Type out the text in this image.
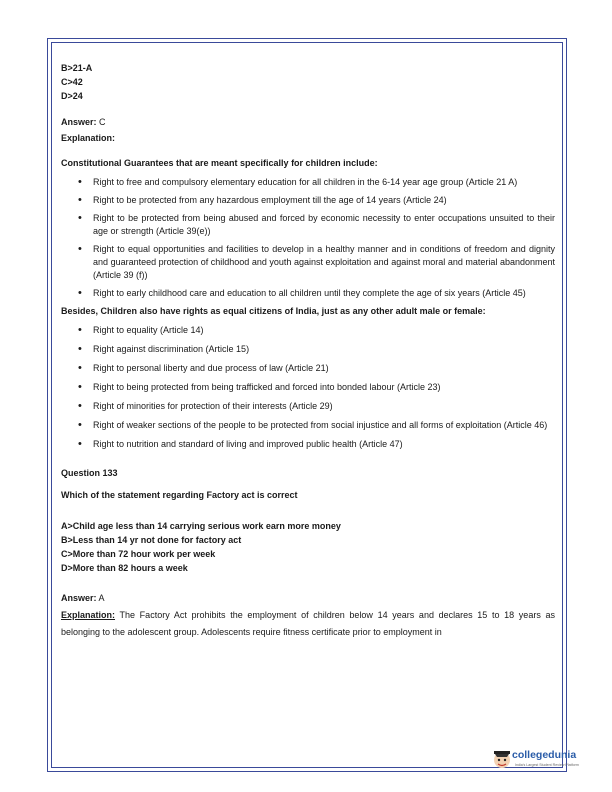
B>21-A
C>42
D>24
Answer: C
Explanation:
Constitutional Guarantees that are meant specifically for children include:
• Right to free and compulsory elementary education for all children in the 6-14 year age group (Article 21 A)
• Right to be protected from any hazardous employment till the age of 14 years (Article 24)
• Right to be protected from being abused and forced by economic necessity to enter occupations unsuited to their age or strength (Article 39(e))
• Right to equal opportunities and facilities to develop in a healthy manner and in conditions of freedom and dignity and guaranteed protection of childhood and youth against exploitation and against moral and material abandonment (Article 39 (f))
• Right to early childhood care and education to all children until they complete the age of six years (Article 45)
Besides, Children also have rights as equal citizens of India, just as any other adult male or female:
• Right to equality (Article 14)
• Right against discrimination (Article 15)
• Right to personal liberty and due process of law (Article 21)
• Right to being protected from being trafficked and forced into bonded labour (Article 23)
• Right of minorities for protection of their interests (Article 29)
• Right of weaker sections of the people to be protected from social injustice and all forms of exploitation (Article 46)
• Right to nutrition and standard of living and improved public health (Article 47)
Question 133
Which of the statement regarding Factory act is correct
A>Child age less than 14 carrying serious work earn more money
B>Less than 14 yr not done for factory act
C>More than 72 hour work per week
D>More than 82 hours a week
Answer: A
Explanation: The Factory Act prohibits the employment of children below 14 years and declares 15 to 18 years as belonging to the adolescent group. Adolescents require fitness certificate prior to employment in
collegedunia
India's Largest Student Review Platform
